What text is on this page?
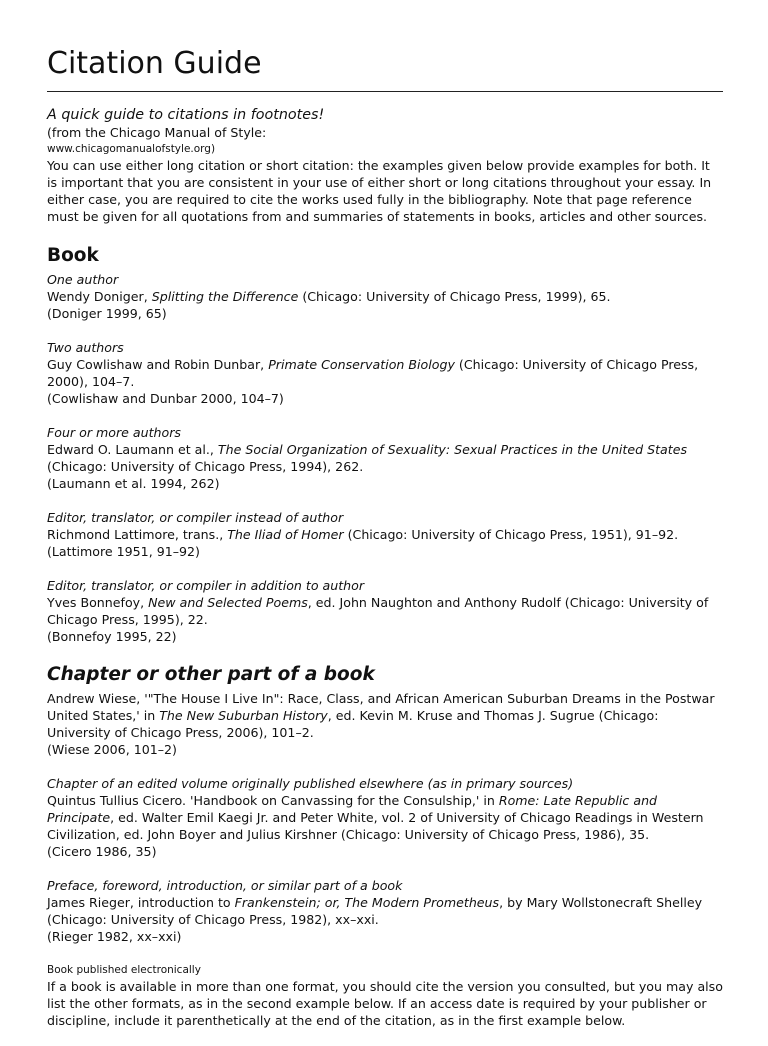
Citation Guide
A quick guide to citations in footnotes!
(from the Chicago Manual of Style:
www.chicagomanualofstyle.org)
You can use either long citation or short citation: the examples given below provide examples for both. It is important that you are consistent in your use of either short or long citations throughout your essay. In either case, you are required to cite the works used fully in the bibliography. Note that page reference must be given for all quotations from and summaries of statements in books, articles and other sources.
Book
One author
Wendy Doniger, Splitting the Difference (Chicago: University of Chicago Press, 1999), 65.
(Doniger 1999, 65)
Two authors
Guy Cowlishaw and Robin Dunbar, Primate Conservation Biology (Chicago: University of Chicago Press, 2000), 104–7.
(Cowlishaw and Dunbar 2000, 104–7)
Four or more authors
Edward O. Laumann et al., The Social Organization of Sexuality: Sexual Practices in the United States (Chicago: University of Chicago Press, 1994), 262.
(Laumann et al. 1994, 262)
Editor, translator, or compiler instead of author
Richmond Lattimore, trans., The Iliad of Homer (Chicago: University of Chicago Press, 1951), 91–92.
(Lattimore 1951, 91–92)
Editor, translator, or compiler in addition to author
Yves Bonnefoy, New and Selected Poems, ed. John Naughton and Anthony Rudolf (Chicago: University of Chicago Press, 1995), 22.
(Bonnefoy 1995, 22)
Chapter or other part of a book
Andrew Wiese, '"The House I Live In": Race, Class, and African American Suburban Dreams in the Postwar United States,' in The New Suburban History, ed. Kevin M. Kruse and Thomas J. Sugrue (Chicago: University of Chicago Press, 2006), 101–2.
(Wiese 2006, 101–2)
Chapter of an edited volume originally published elsewhere (as in primary sources)
Quintus Tullius Cicero. 'Handbook on Canvassing for the Consulship,' in Rome: Late Republic and Principate, ed. Walter Emil Kaegi Jr. and Peter White, vol. 2 of University of Chicago Readings in Western Civilization, ed. John Boyer and Julius Kirshner (Chicago: University of Chicago Press, 1986), 35.
(Cicero 1986, 35)
Preface, foreword, introduction, or similar part of a book
James Rieger, introduction to Frankenstein; or, The Modern Prometheus, by Mary Wollstonecraft Shelley (Chicago: University of Chicago Press, 1982), xx–xxi.
(Rieger 1982, xx–xxi)
Book published electronically
If a book is available in more than one format, you should cite the version you consulted, but you may also list the other formats, as in the second example below. If an access date is required by your publisher or discipline, include it parenthetically at the end of the citation, as in the first example below.
